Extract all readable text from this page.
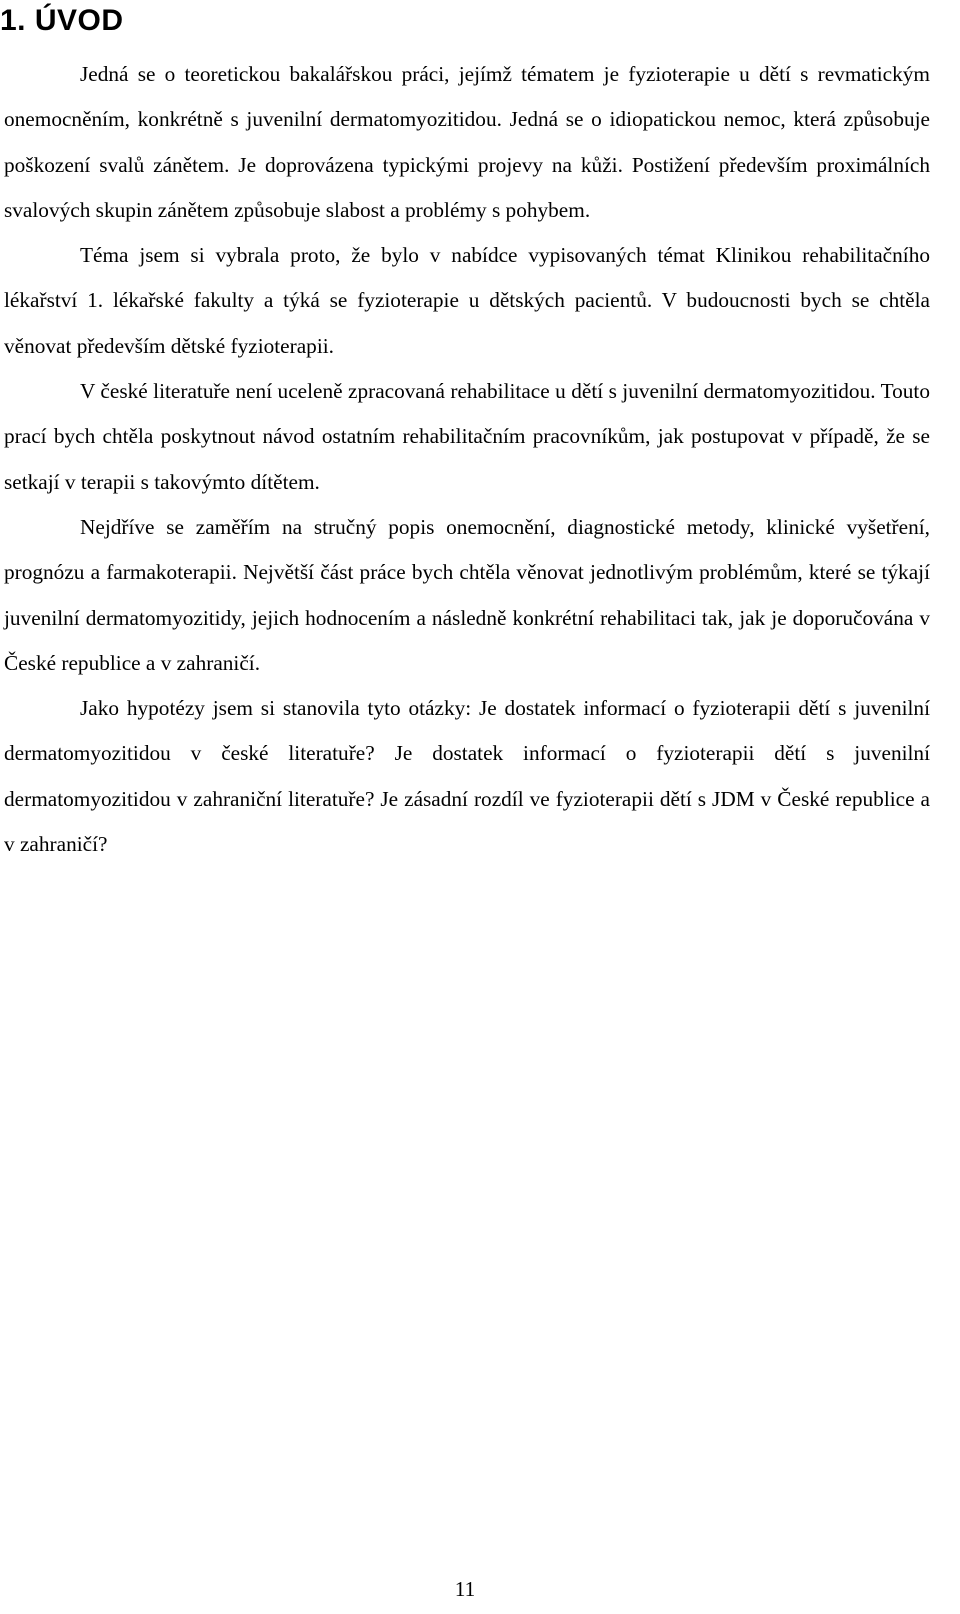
1. ÚVOD

Jedná se o teoretickou bakalářskou práci, jejímž tématem je fyzioterapie u dětí s revmatickým onemocněním, konkrétně s juvenilní dermatomyozitidou. Jedná se o idiopatickou nemoc, která způsobuje poškození svalů zánětem. Je doprovázena typickými projevy na kůži. Postižení především proximálních svalových skupin zánětem způsobuje slabost a problémy s pohybem.

Téma jsem si vybrala proto, že bylo v nabídce vypisovaných témat Klinikou rehabilitačního lékařství 1. lékařské fakulty a týká se fyzioterapie u dětských pacientů. V budoucnosti bych se chtěla věnovat především dětské fyzioterapii.

V české literatuře není uceleně zpracovaná rehabilitace u dětí s juvenilní dermatomyozitidou. Touto prací bych chtěla poskytnout návod ostatním rehabilitačním pracovníkům, jak postupovat v případě, že se setkají v terapii s takovýmto dítětem.

Nejdříve se zaměřím na stručný popis onemocnění, diagnostické metody, klinické vyšetření, prognózu a farmakoterapii. Největší část práce bych chtěla věnovat jednotlivým problémům, které se týkají juvenilní dermatomyozitidy, jejich hodnocením a následně konkrétní rehabilitaci tak, jak je doporučována v České republice a v zahraničí.

Jako hypotézy jsem si stanovila tyto otázky: Je dostatek informací o fyzioterapii dětí s juvenilní dermatomyozitidou v české literatuře? Je dostatek informací o fyzioterapii dětí s juvenilní dermatomyozitidou v zahraniční literatuře? Je zásadní rozdíl ve fyzioterapii dětí s JDM v České republice a v zahraničí?

11
